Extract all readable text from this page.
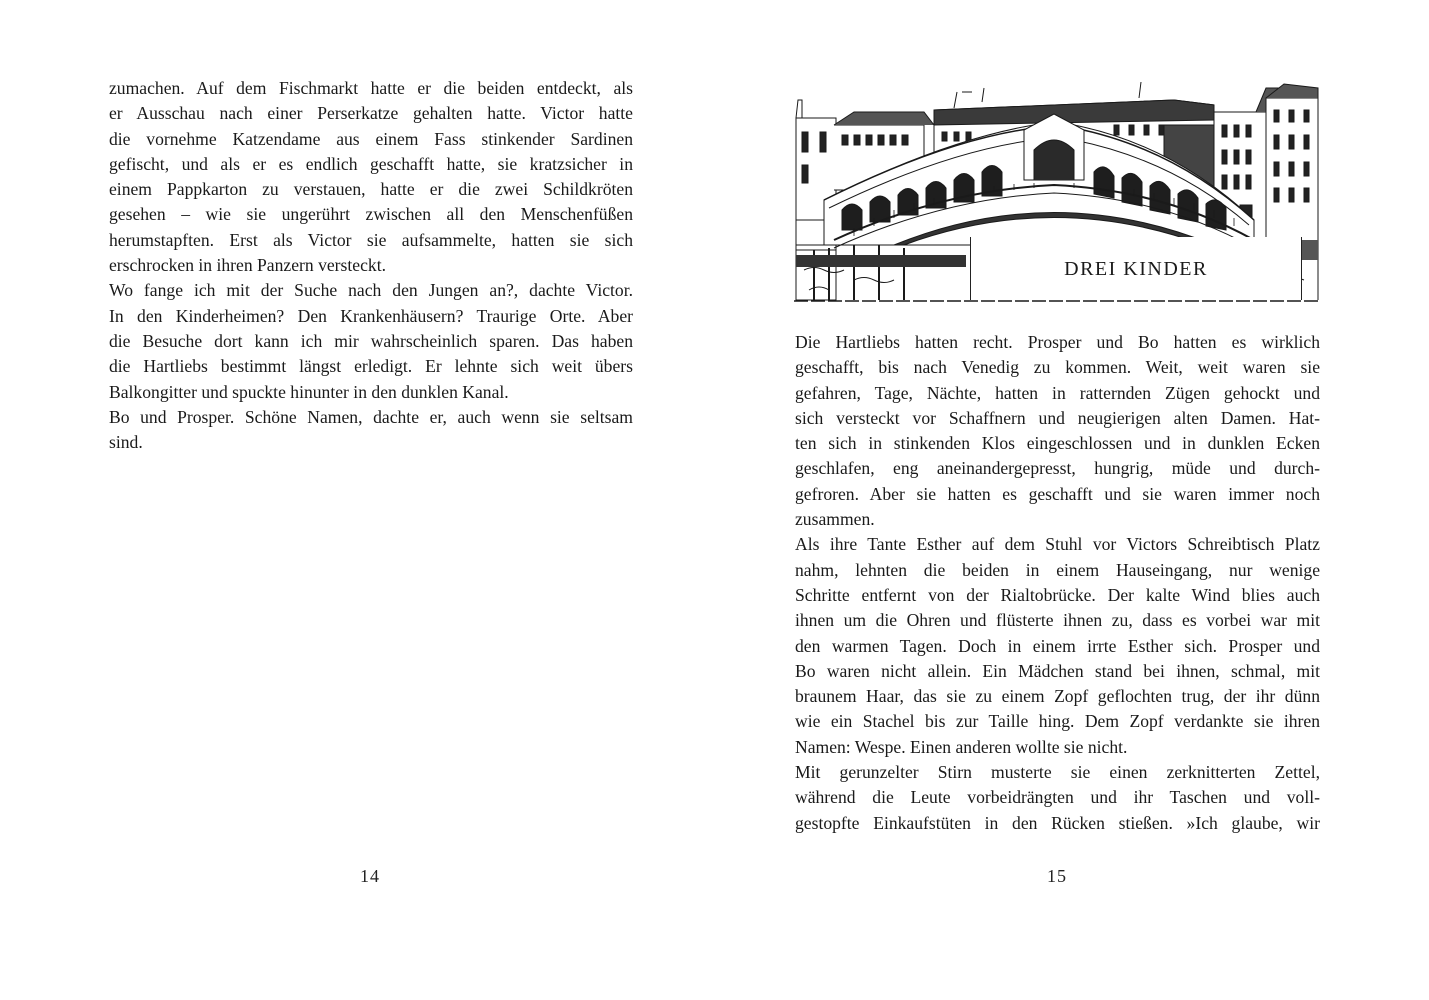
zumachen. Auf dem Fischmarkt hatte er die beiden entdeckt, als
er Ausschau nach einer Perserkatze gehalten hatte. Victor hatte
die vornehme Katzendame aus einem Fass stinkender Sardinen
gefischt, und als er es endlich geschafft hatte, sie kratzsicher in
einem Pappkarton zu verstauen, hatte er die zwei Schildkröten
gesehen – wie sie ungerührt zwischen all den Menschenfüßen
herumstapften. Erst als Victor sie aufsammelte, hatten sie sich
erschrocken in ihren Panzern versteckt.
Wo fange ich mit der Suche nach den Jungen an?, dachte Victor.
In den Kinderheimen? Den Krankenhäusern? Traurige Orte. Aber
die Besuche dort kann ich mir wahrscheinlich sparen. Das haben
die Hartliebs bestimmt längst erledigt. Er lehnte sich weit übers
Balkongitter und spuckte hinunter in den dunklen Kanal.
Bo und Prosper. Schöne Namen, dachte er, auch wenn sie seltsam
sind.
14
DREI KINDER
Die Hartliebs hatten recht. Prosper und Bo hatten es wirklich
geschafft, bis nach Venedig zu kommen. Weit, weit waren sie
gefahren, Tage, Nächte, hatten in ratternden Zügen gehockt und
sich versteckt vor Schaffnern und neugierigen alten Damen. Hat-
ten sich in stinkenden Klos eingeschlossen und in dunklen Ecken
geschlafen, eng aneinandergepresst, hungrig, müde und durch-
gefroren. Aber sie hatten es geschafft und sie waren immer noch
zusammen.
Als ihre Tante Esther auf dem Stuhl vor Victors Schreibtisch Platz
nahm, lehnten die beiden in einem Hauseingang, nur wenige
Schritte entfernt von der Rialtobrücke. Der kalte Wind blies auch
ihnen um die Ohren und flüsterte ihnen zu, dass es vorbei war mit
den warmen Tagen. Doch in einem irrte Esther sich. Prosper und
Bo waren nicht allein. Ein Mädchen stand bei ihnen, schmal, mit
braunem Haar, das sie zu einem Zopf geflochten trug, der ihr dünn
wie ein Stachel bis zur Taille hing. Dem Zopf verdankte sie ihren
Namen: Wespe. Einen anderen wollte sie nicht.
Mit gerunzelter Stirn musterte sie einen zerknitterten Zettel,
während die Leute vorbeidrängten und ihr Taschen und voll-
gestopfte Einkaufstüten in den Rücken stießen. »Ich glaube, wir
15
